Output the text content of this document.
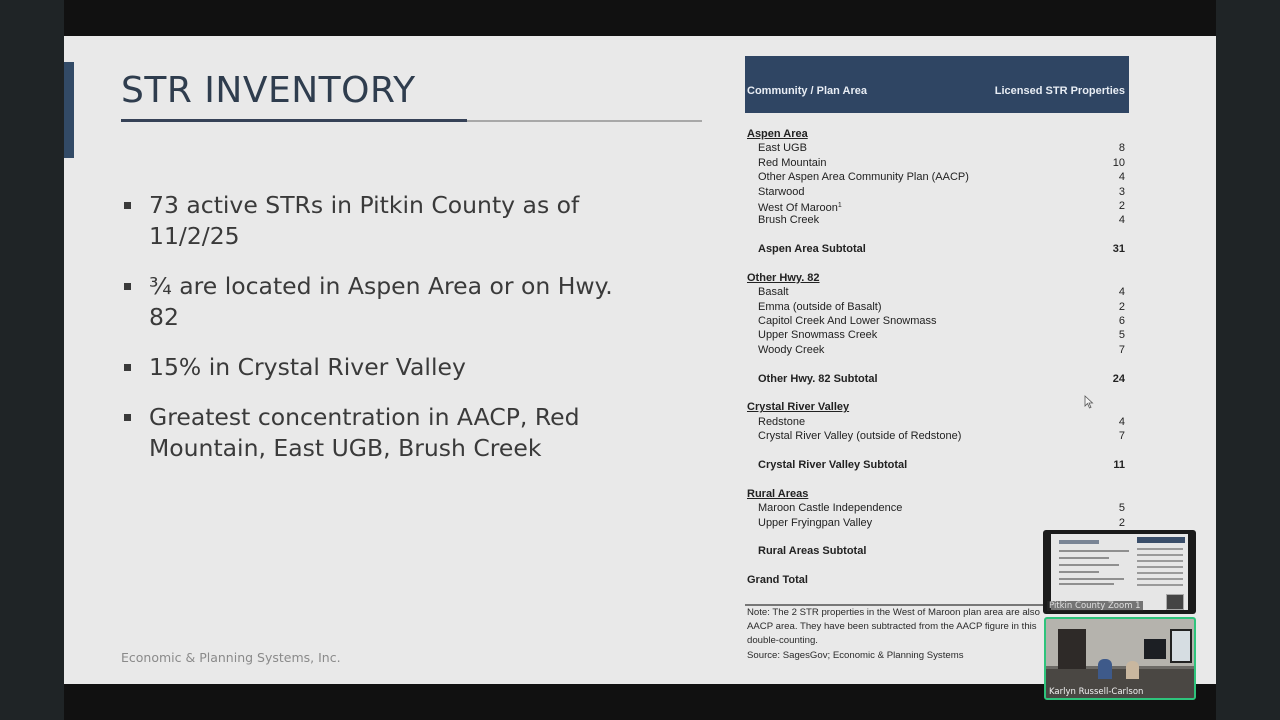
STR INVENTORY
73 active STRs in Pitkin County as of 11/2/25
¾ are located in Aspen Area or on Hwy. 82
15% in Crystal River Valley
Greatest concentration in AACP, Red Mountain, East UGB, Brush Creek
Economic & Planning Systems, Inc.
Community / Plan Area	Licensed STR Properties
Aspen Area
East UGB	8
Red Mountain	10
Other Aspen Area Community Plan (AACP)	4
Starwood	3
West Of Maroon$^1$	2
Brush Creek	4
Aspen Area Subtotal	31
Other Hwy. 82
Basalt	4
Emma (outside of Basalt)	2
Capitol Creek And Lower Snowmass	6
Upper Snowmass Creek	5
Woody Creek	7
Other Hwy. 82 Subtotal	24
Crystal River Valley
Redstone	4
Crystal River Valley (outside of Redstone)	7
Crystal River Valley Subtotal	11
Rural Areas
Maroon Castle Independence	5
Upper Fryingpan Valley	2
Rural Areas Subtotal
Grand Total
Note: The 2 STR properties in the West of Maroon plan area are also
AACP area. They have been subtracted from the AACP figure in this
double-counting.
Source: SagesGov; Economic & Planning Systems
Pitkin County Zoom 1
Karlyn Russell-Carlson
